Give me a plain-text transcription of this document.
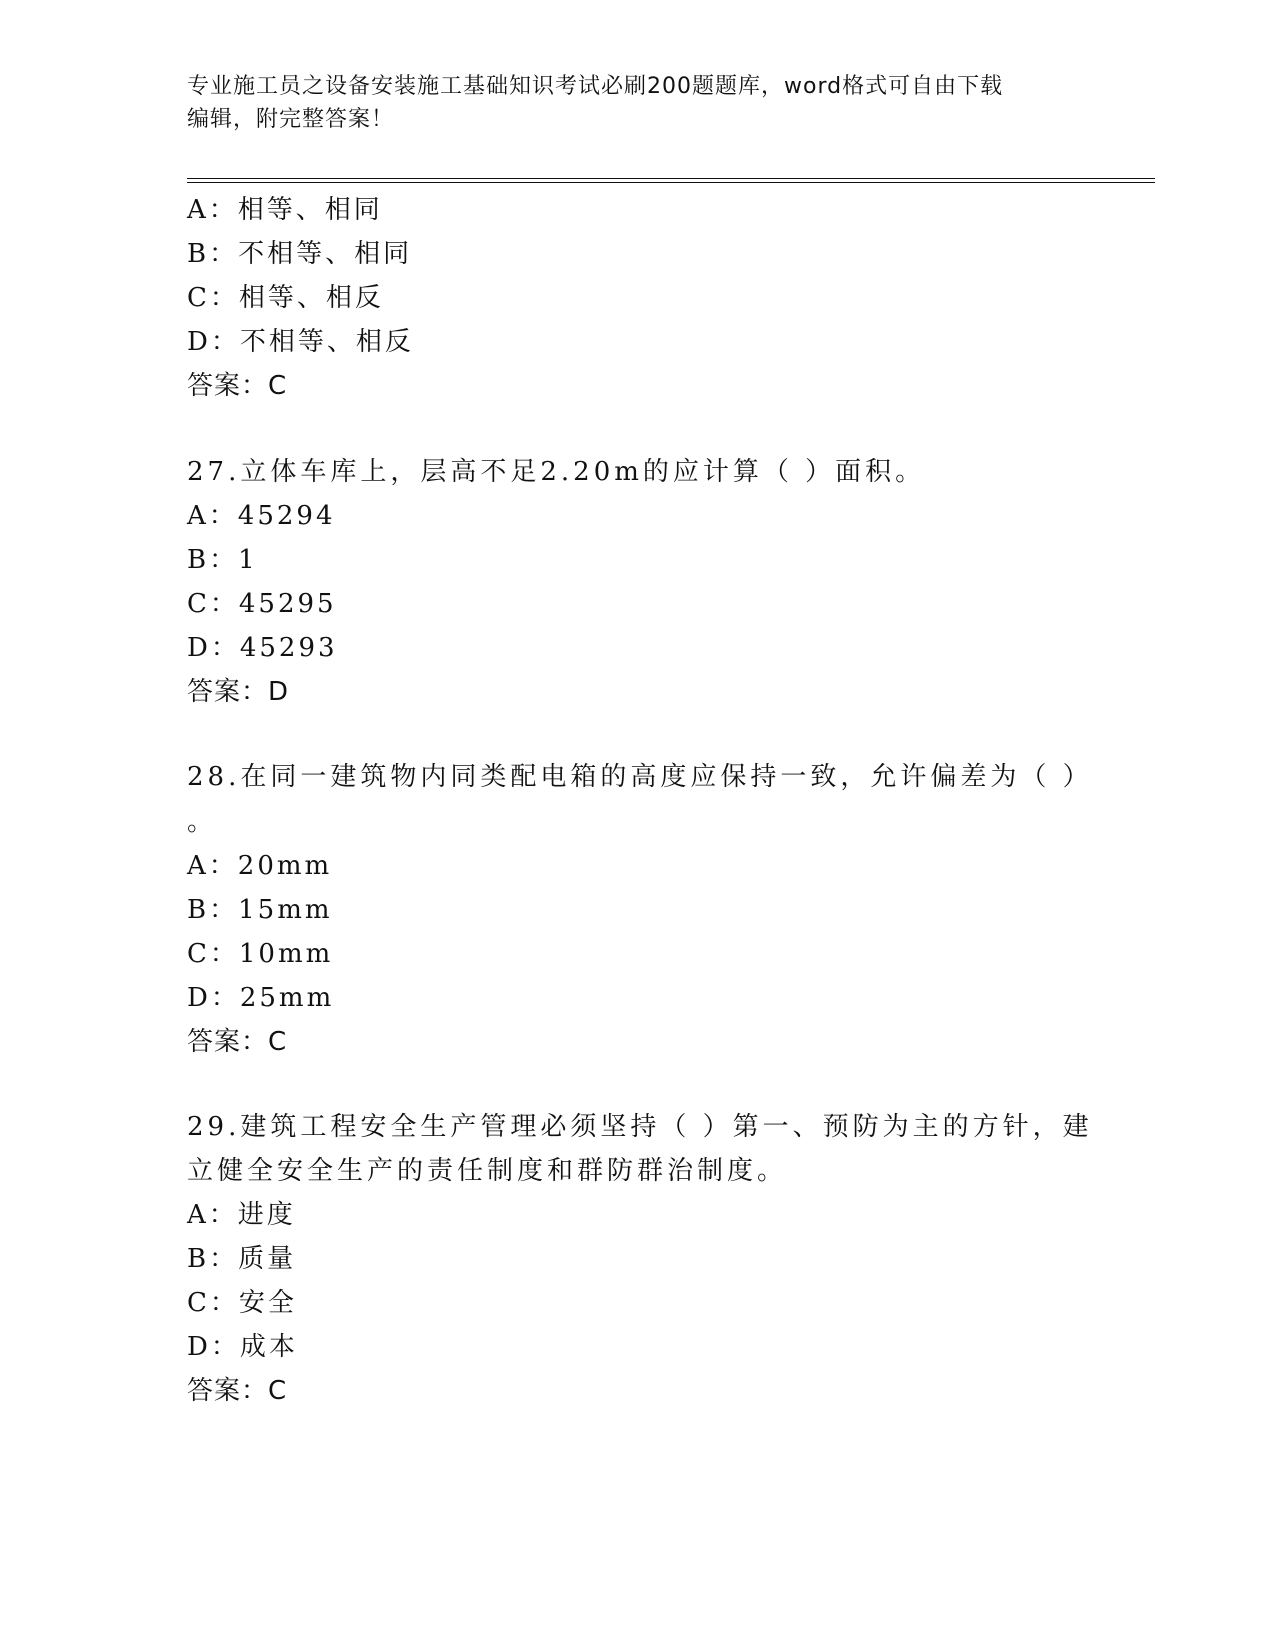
专业施工员之设备安装施工基础知识考试必刷200题题库，word格式可自由下载
编辑，附完整答案！
A：相等、相同
B：不相等、相同
C：相等、相反
D：不相等、相反
答案：C
27.立体车库上，层高不足2.20m的应计算（ ）面积。
A：45294
B：1
C：45295
D：45293
答案：D
28.在同一建筑物内同类配电箱的高度应保持一致，允许偏差为（ ）
。
A：20mm
B：15mm
C：10mm
D：25mm
答案：C
29.建筑工程安全生产管理必须坚持（ ）第一、预防为主的方针，建
立健全安全生产的责任制度和群防群治制度。
A：进度
B：质量
C：安全
D：成本
答案：C
